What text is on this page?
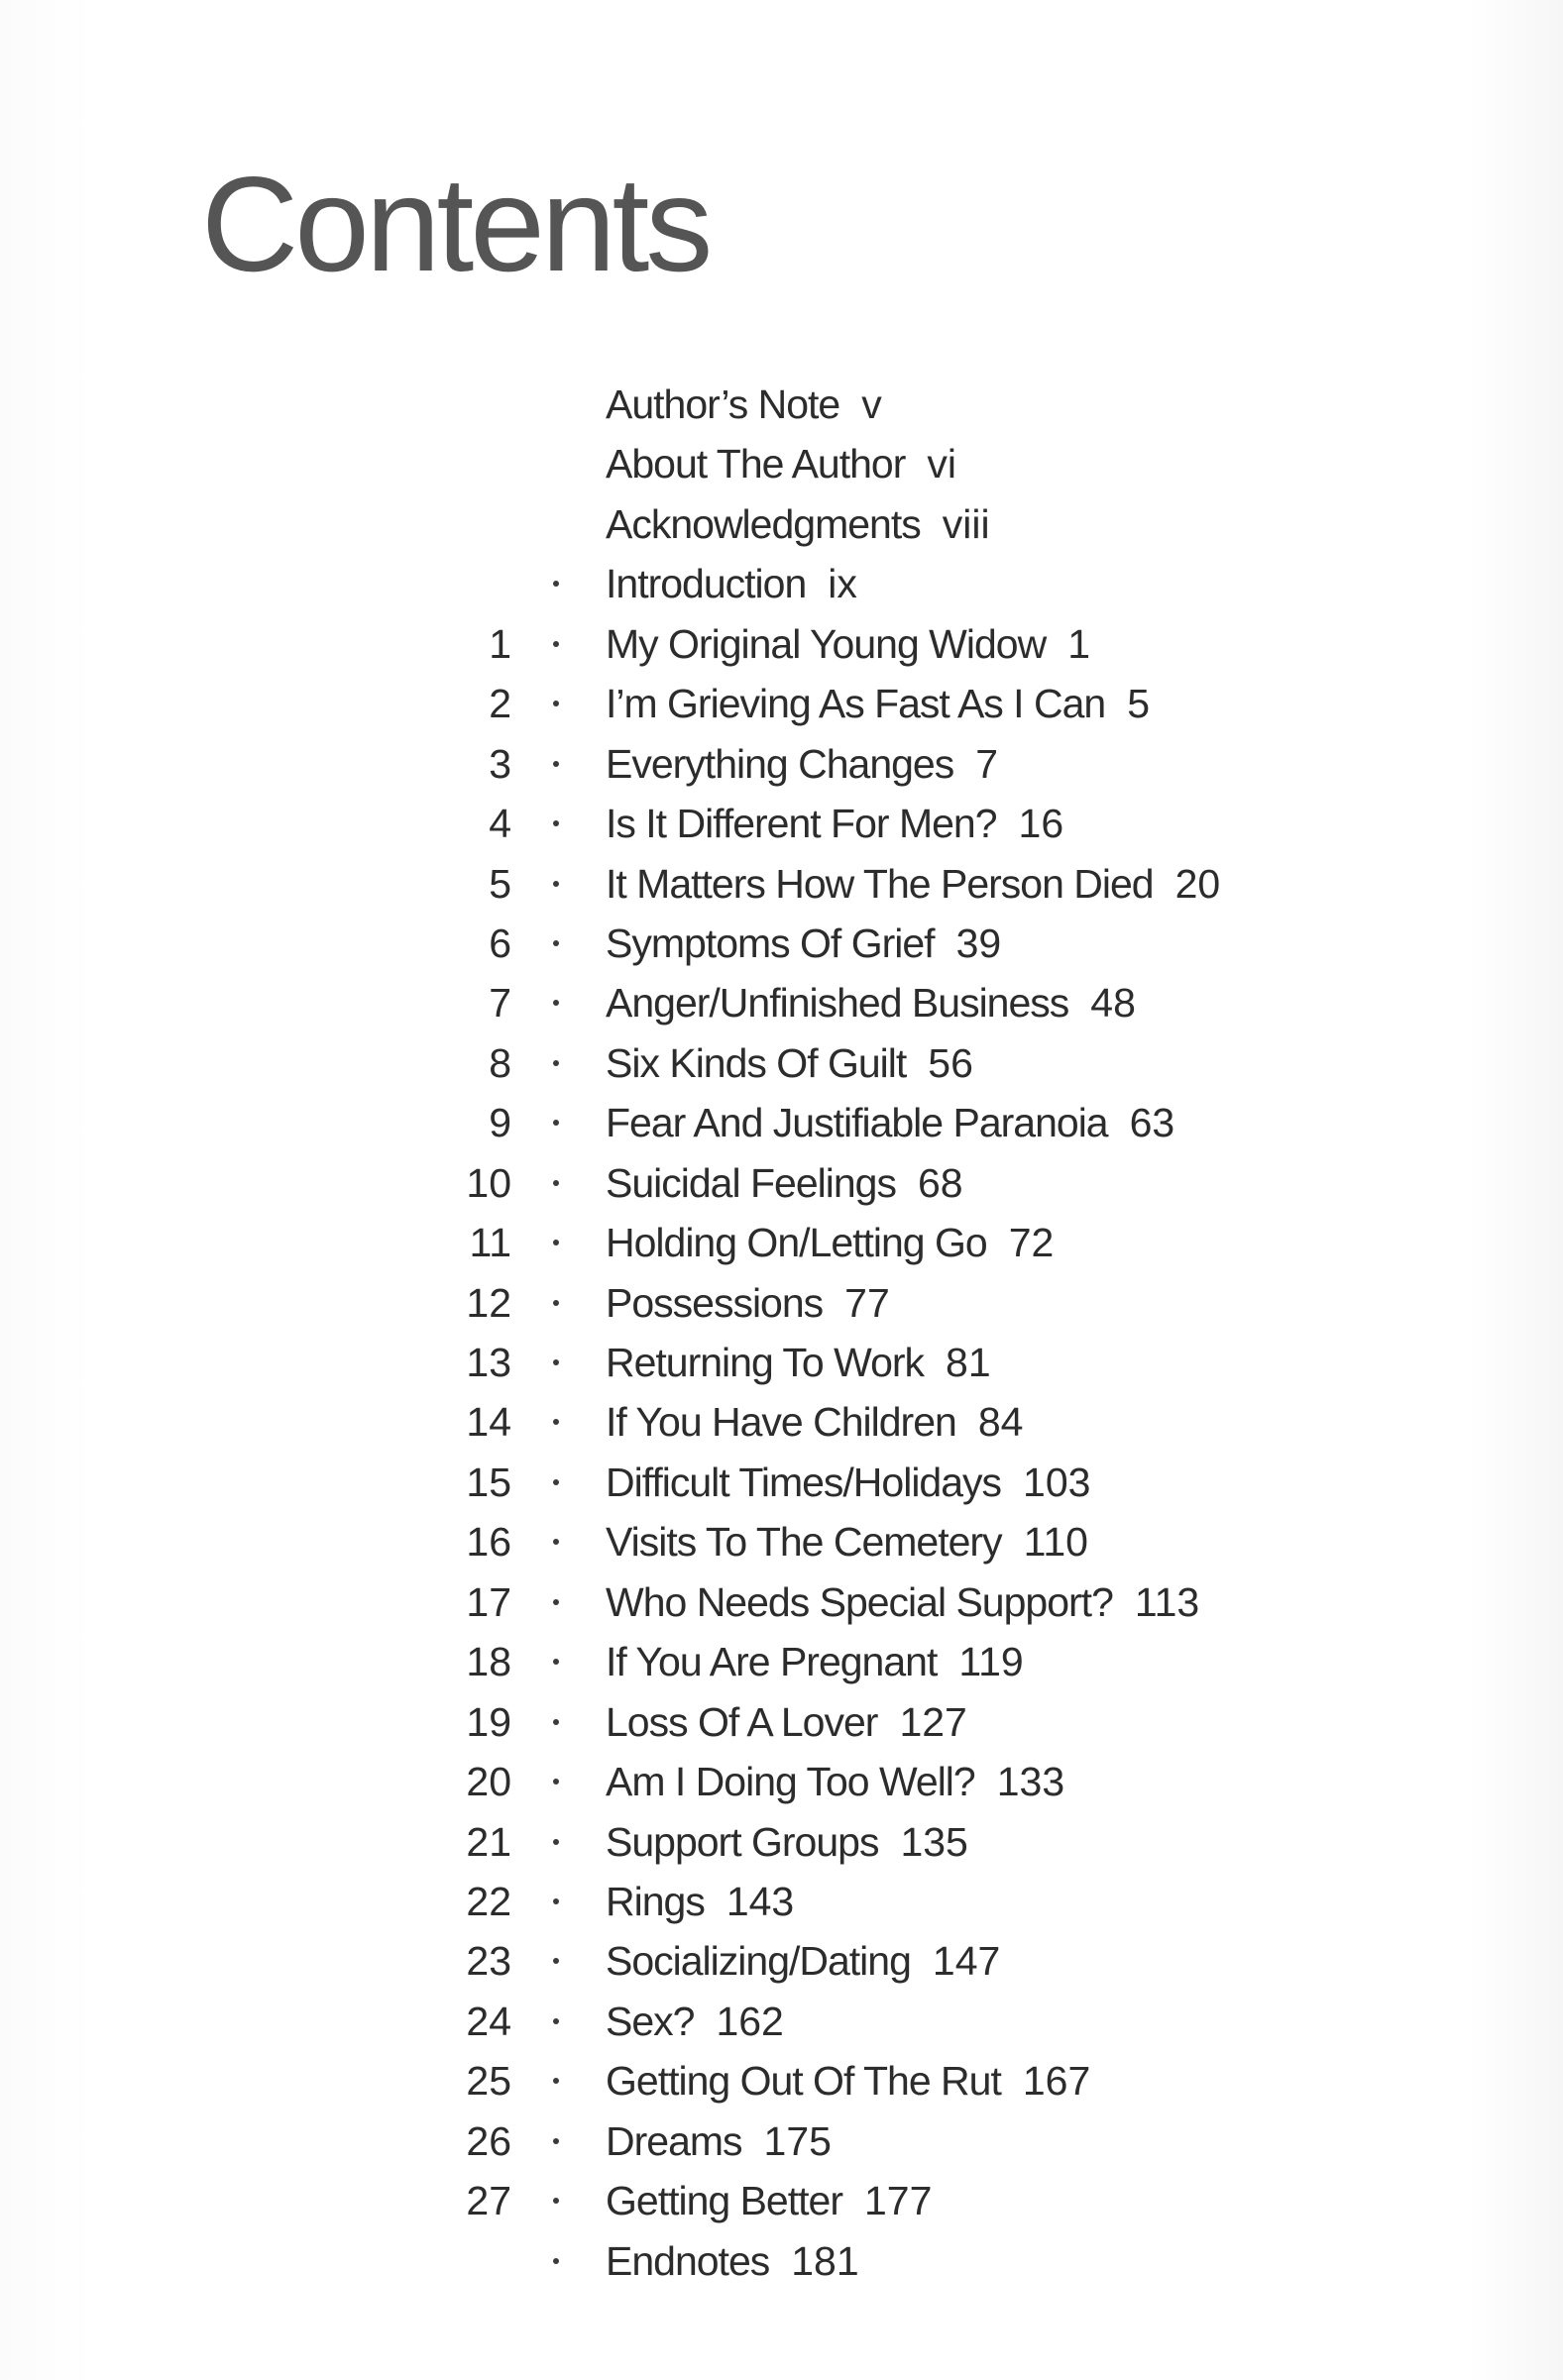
Contents
Author’s Note v
About The Author vi
Acknowledgments viii
Introduction ix
1 My Original Young Widow 1
2 I’m Grieving As Fast As I Can 5
3 Everything Changes 7
4 Is It Different For Men? 16
5 It Matters How The Person Died 20
6 Symptoms Of Grief 39
7 Anger/Unfinished Business 48
8 Six Kinds Of Guilt 56
9 Fear And Justifiable Paranoia 63
10 Suicidal Feelings 68
11 Holding On/Letting Go 72
12 Possessions 77
13 Returning To Work 81
14 If You Have Children 84
15 Difficult Times/Holidays 103
16 Visits To The Cemetery 110
17 Who Needs Special Support? 113
18 If You Are Pregnant 119
19 Loss Of A Lover 127
20 Am I Doing Too Well? 133
21 Support Groups 135
22 Rings 143
23 Socializing/Dating 147
24 Sex? 162
25 Getting Out Of The Rut 167
26 Dreams 175
27 Getting Better 177
Endnotes 181
